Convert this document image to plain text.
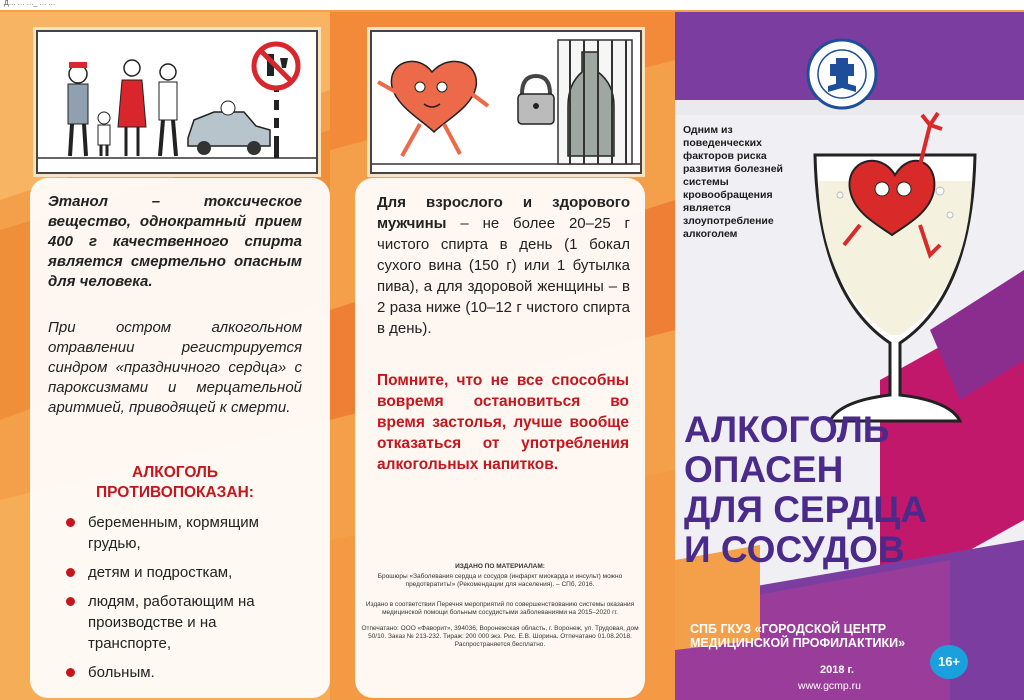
Д… … …_ … …
Этанол – токсическое вещество, однократный прием 400 г качественного спирта является смертельно опасным для человека.
При остром алкогольном отравлении регистрируется синдром «праздничного сердца» с пароксизмами и мерцательной аритмией, приводящей к смерти.
АЛКОГОЛЬ
ПРОТИВОПОКАЗАН:
беременным, кормящим грудью,
детям и подросткам,
людям, работающим на производстве и на транспорте,
больным.
Для взрослого и здорового мужчины – не более 20–25 г чистого спирта в день (1 бокал сухого вина (150 г) или 1 бутылка пива), а для здоровой женщины – в 2 раза ниже (10–12 г чистого спирта в день).
Помните, что не все способны вовремя остановиться во время застолья, лучше вообще отказаться от употребления алкогольных напитков.
ИЗДАНО ПО МАТЕРИАЛАМ:
Брошюры «Заболевания сердца и сосудов (инфаркт миокарда и инсульт) можно предотвратить!» (Рекомендации для населения). – СПб, 2016.
Издано в соответствии Перечня мероприятий по совершенствованию системы оказания медицинской помощи больным сосудистыми заболеваниями на 2015–2020 гг.
Отпечатано: ООО «Фаворит», 394036, Воронежская область, г. Воронеж, ул. Трудовая, дом 50/10. Заказ № 213-232. Тираж: 200 000 экз. Рис. Е.В. Шорина. Отпечатано 01.08.2018. Распространяется бесплатно.
Одним из поведенческих факторов риска развития болезней системы кровообращения является злоупотребление алкоголем
АЛКОГОЛЬ
ОПАСЕН
ДЛЯ СЕРДЦА
И СОСУДОВ
СПБ ГКУЗ «ГОРОДСКОЙ ЦЕНТР МЕДИЦИНСКОЙ ПРОФИЛАКТИКИ»
2018 г.
www.gcmp.ru
16+
